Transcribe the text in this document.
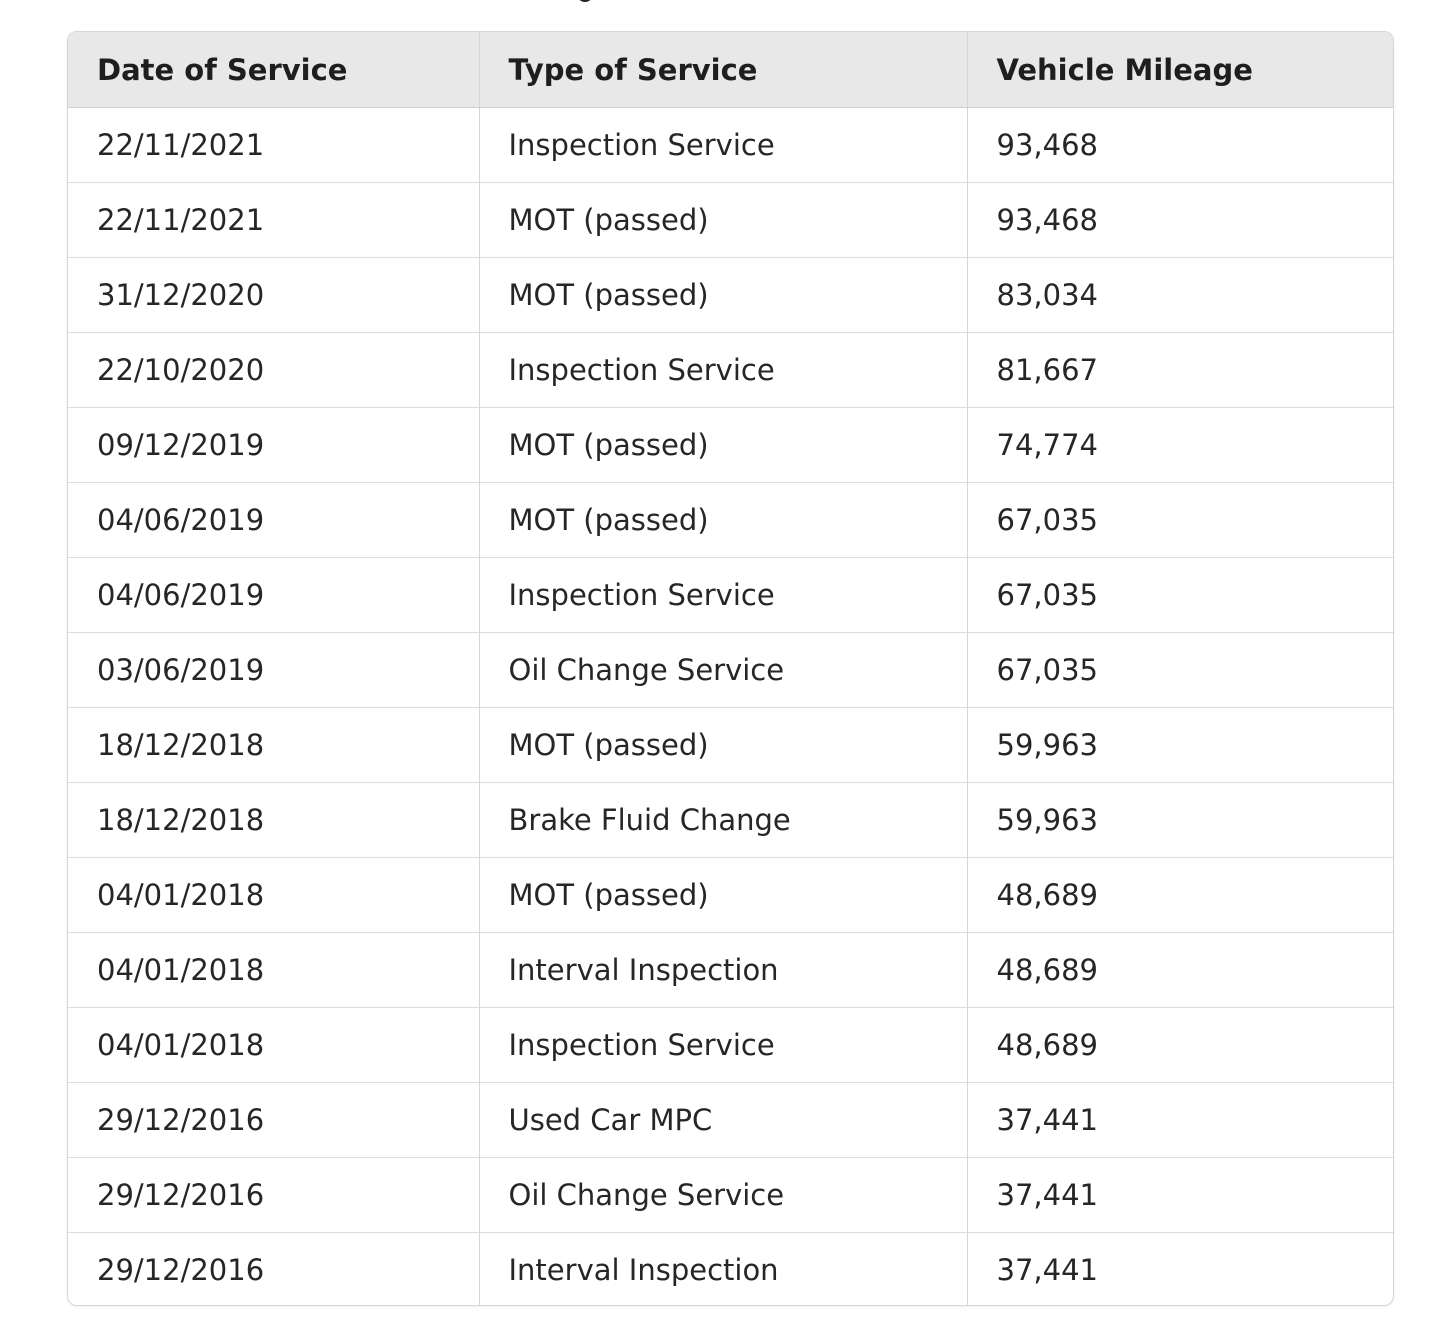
Date of Service	Type of Service	Vehicle Mileage
22/11/2021	Inspection Service	93,468
22/11/2021	MOT (passed)	93,468
31/12/2020	MOT (passed)	83,034
22/10/2020	Inspection Service	81,667
09/12/2019	MOT (passed)	74,774
04/06/2019	MOT (passed)	67,035
04/06/2019	Inspection Service	67,035
03/06/2019	Oil Change Service	67,035
18/12/2018	MOT (passed)	59,963
18/12/2018	Brake Fluid Change	59,963
04/01/2018	MOT (passed)	48,689
04/01/2018	Interval Inspection	48,689
04/01/2018	Inspection Service	48,689
29/12/2016	Used Car MPC	37,441
29/12/2016	Oil Change Service	37,441
29/12/2016	Interval Inspection	37,441
